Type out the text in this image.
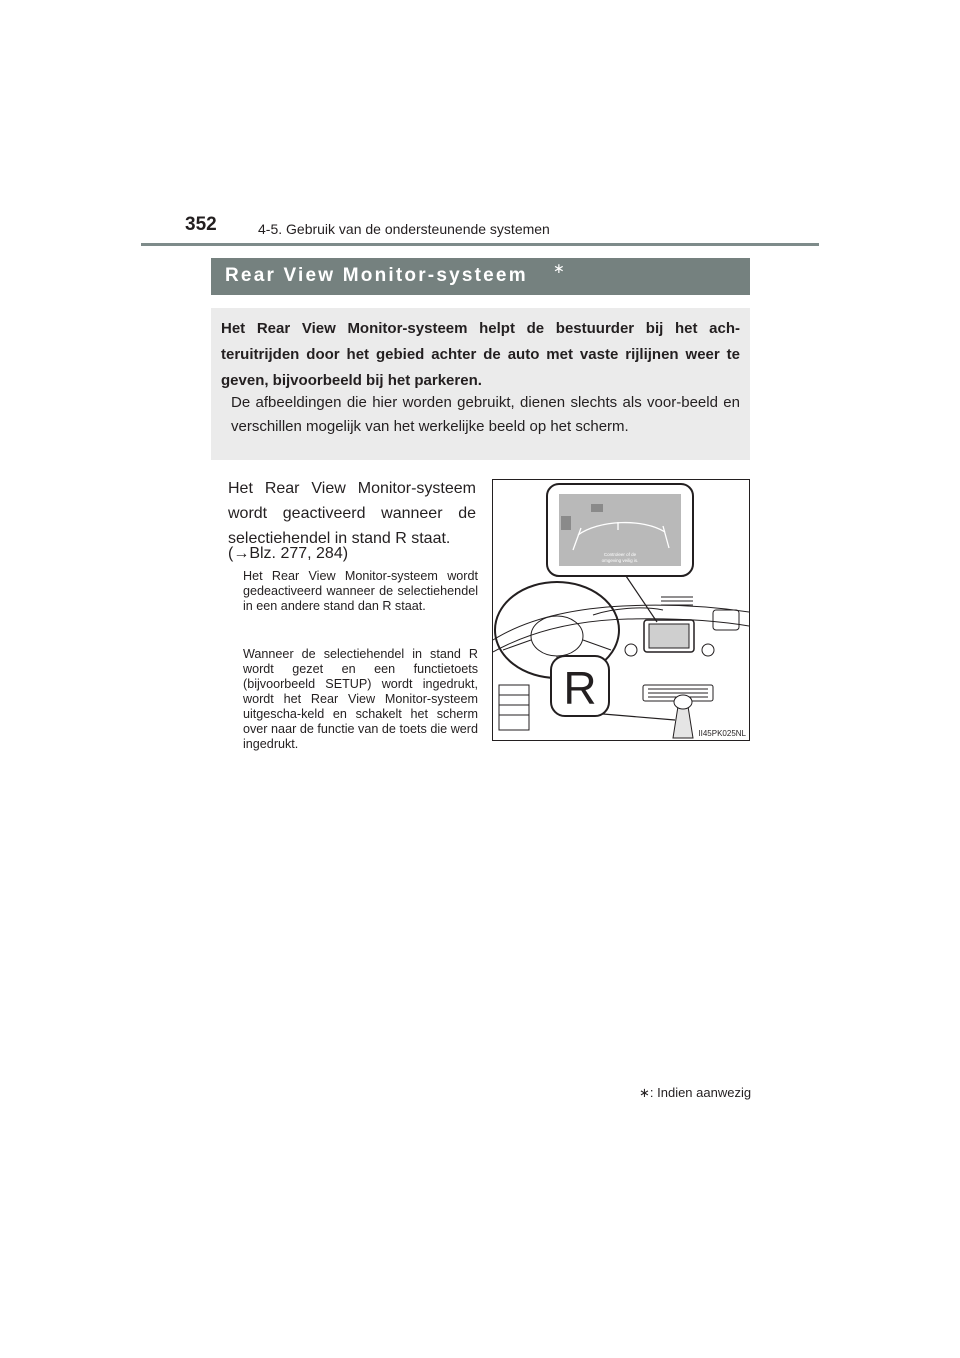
352	4-5. Gebruik van de ondersteunende systemen
Rear View Monitor-systeem ∗
Het Rear View Monitor-systeem helpt de bestuurder bij het ach-teruitrijden door het gebied achter de auto met vaste rijlijnen weer te geven, bijvoorbeeld bij het parkeren.
De afbeeldingen die hier worden gebruikt, dienen slechts als voor-beeld en verschillen mogelijk van het werkelijke beeld op het scherm.
Het Rear View Monitor-systeem wordt geactiveerd wanneer de selectiehendel in stand R staat.
(→Blz. 277, 284)
Het Rear View Monitor-systeem wordt gedeactiveerd wanneer de selectiehendel in een andere stand dan R staat.
Wanneer de selectiehendel in stand R wordt gezet en een functietoets (bijvoorbeeld SETUP) wordt ingedrukt, wordt het Rear View Monitor-systeem uitgescha-keld en schakelt het scherm over naar de functie van de toets die werd ingedrukt.
Controleer of de
omgeving veilig is.
R
II45PK025NL
∗: Indien aanwezig
